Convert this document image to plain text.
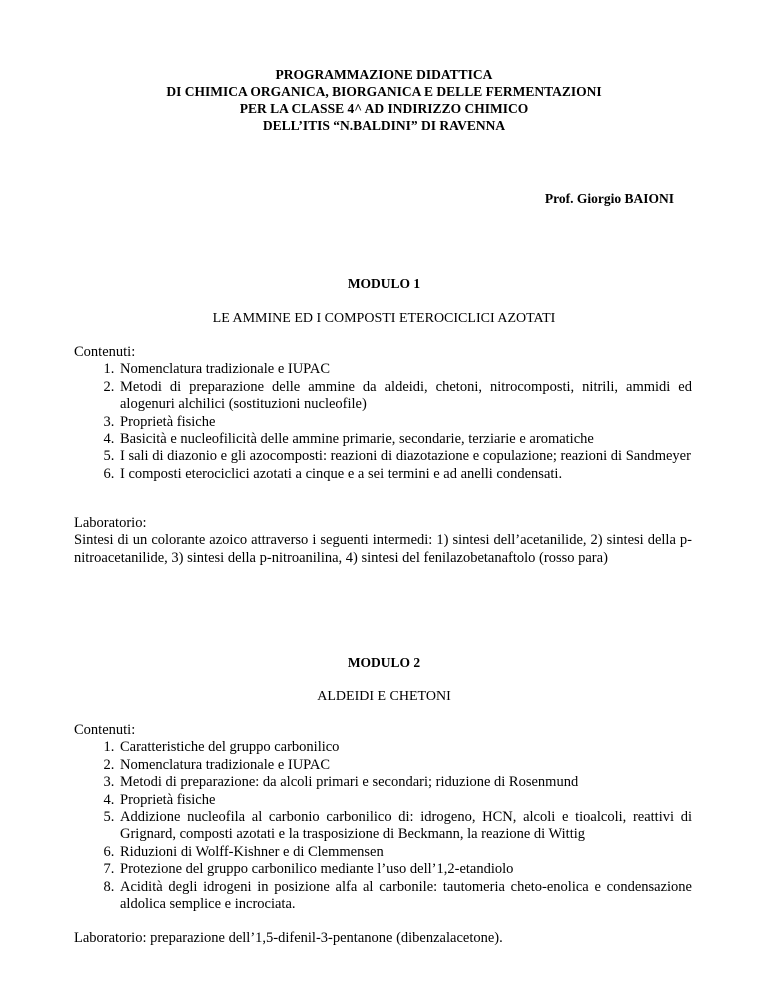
PROGRAMMAZIONE DIDATTICA
DI CHIMICA ORGANICA, BIORGANICA E DELLE FERMENTAZIONI
PER LA CLASSE 4^ AD INDIRIZZO CHIMICO
DELL’ITIS “N.BALDINI” DI RAVENNA
Prof. Giorgio BAIONI
MODULO 1
LE AMMINE ED I COMPOSTI ETEROCICLICI AZOTATI
Contenuti:
1. Nomenclatura tradizionale e IUPAC
2. Metodi di preparazione delle ammine da aldeidi, chetoni, nitrocomposti, nitrili, ammidi ed alogenuri alchilici (sostituzioni nucleofile)
3. Proprietà fisiche
4. Basicità e nucleofilicità delle ammine primarie, secondarie, terziarie e aromatiche
5. I sali di diazonio e gli azocomposti: reazioni di diazotazione e copulazione; reazioni di Sandmeyer
6. I composti eterociclici azotati a cinque e a sei termini e ad anelli condensati.
Laboratorio:
Sintesi di un colorante azoico attraverso i seguenti intermedi: 1) sintesi dell’acetanilide, 2) sintesi della p-nitroacetanilide, 3) sintesi della p-nitroanilina, 4) sintesi del fenilazobetanaftolo (rosso para)
MODULO 2
ALDEIDI E CHETONI
Contenuti:
1. Caratteristiche del gruppo carbonilico
2. Nomenclatura tradizionale e IUPAC
3. Metodi di preparazione: da alcoli primari e secondari; riduzione di Rosenmund
4. Proprietà fisiche
5. Addizione nucleofila al carbonio carbonilico di: idrogeno, HCN, alcoli e tioalcoli, reattivi di Grignard, composti azotati e la trasposizione di Beckmann, la reazione di Wittig
6. Riduzioni di Wolff-Kishner e di Clemmensen
7. Protezione del gruppo carbonilico mediante l’uso dell’1,2-etandiolo
8. Acidità degli idrogeni in posizione alfa al carbonile: tautomeria cheto-enolica e condensazione aldolica semplice e incrociata.
Laboratorio: preparazione dell’1,5-difenil-3-pentanone (dibenzalacetone).
